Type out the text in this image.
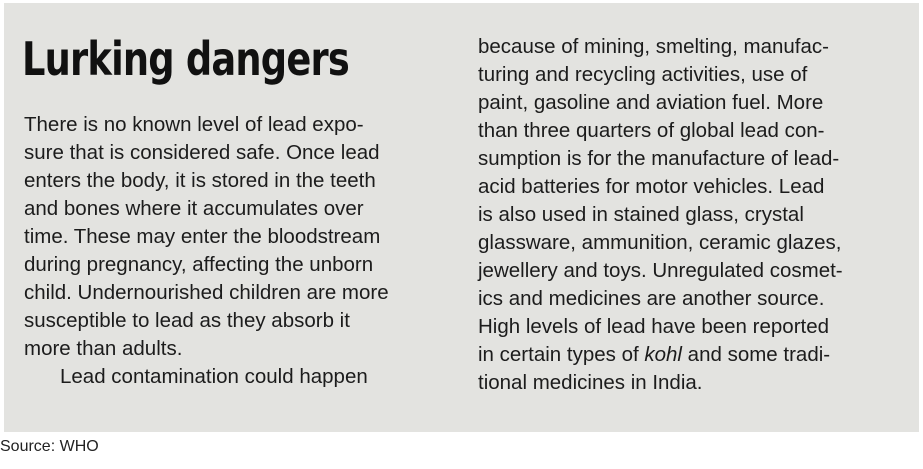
Lurking dangers
There is no known level of lead expo-
sure that is considered safe. Once lead
enters the body, it is stored in the teeth
and bones where it accumulates over
time. These may enter the bloodstream
during pregnancy, affecting the unborn
child. Undernourished children are more
susceptible to lead as they absorb it
more than adults.
Lead contamination could happen
because of mining, smelting, manufac-
turing and recycling activities, use of
paint, gasoline and aviation fuel. More
than three quarters of global lead con-
sumption is for the manufacture of lead-
acid batteries for motor vehicles. Lead
is also used in stained glass, crystal
glassware, ammunition, ceramic glazes,
jewellery and toys. Unregulated cosmet-
ics and medicines are another source.
High levels of lead have been reported
in certain types of kohl and some tradi-
tional medicines in India.
Source: WHO
